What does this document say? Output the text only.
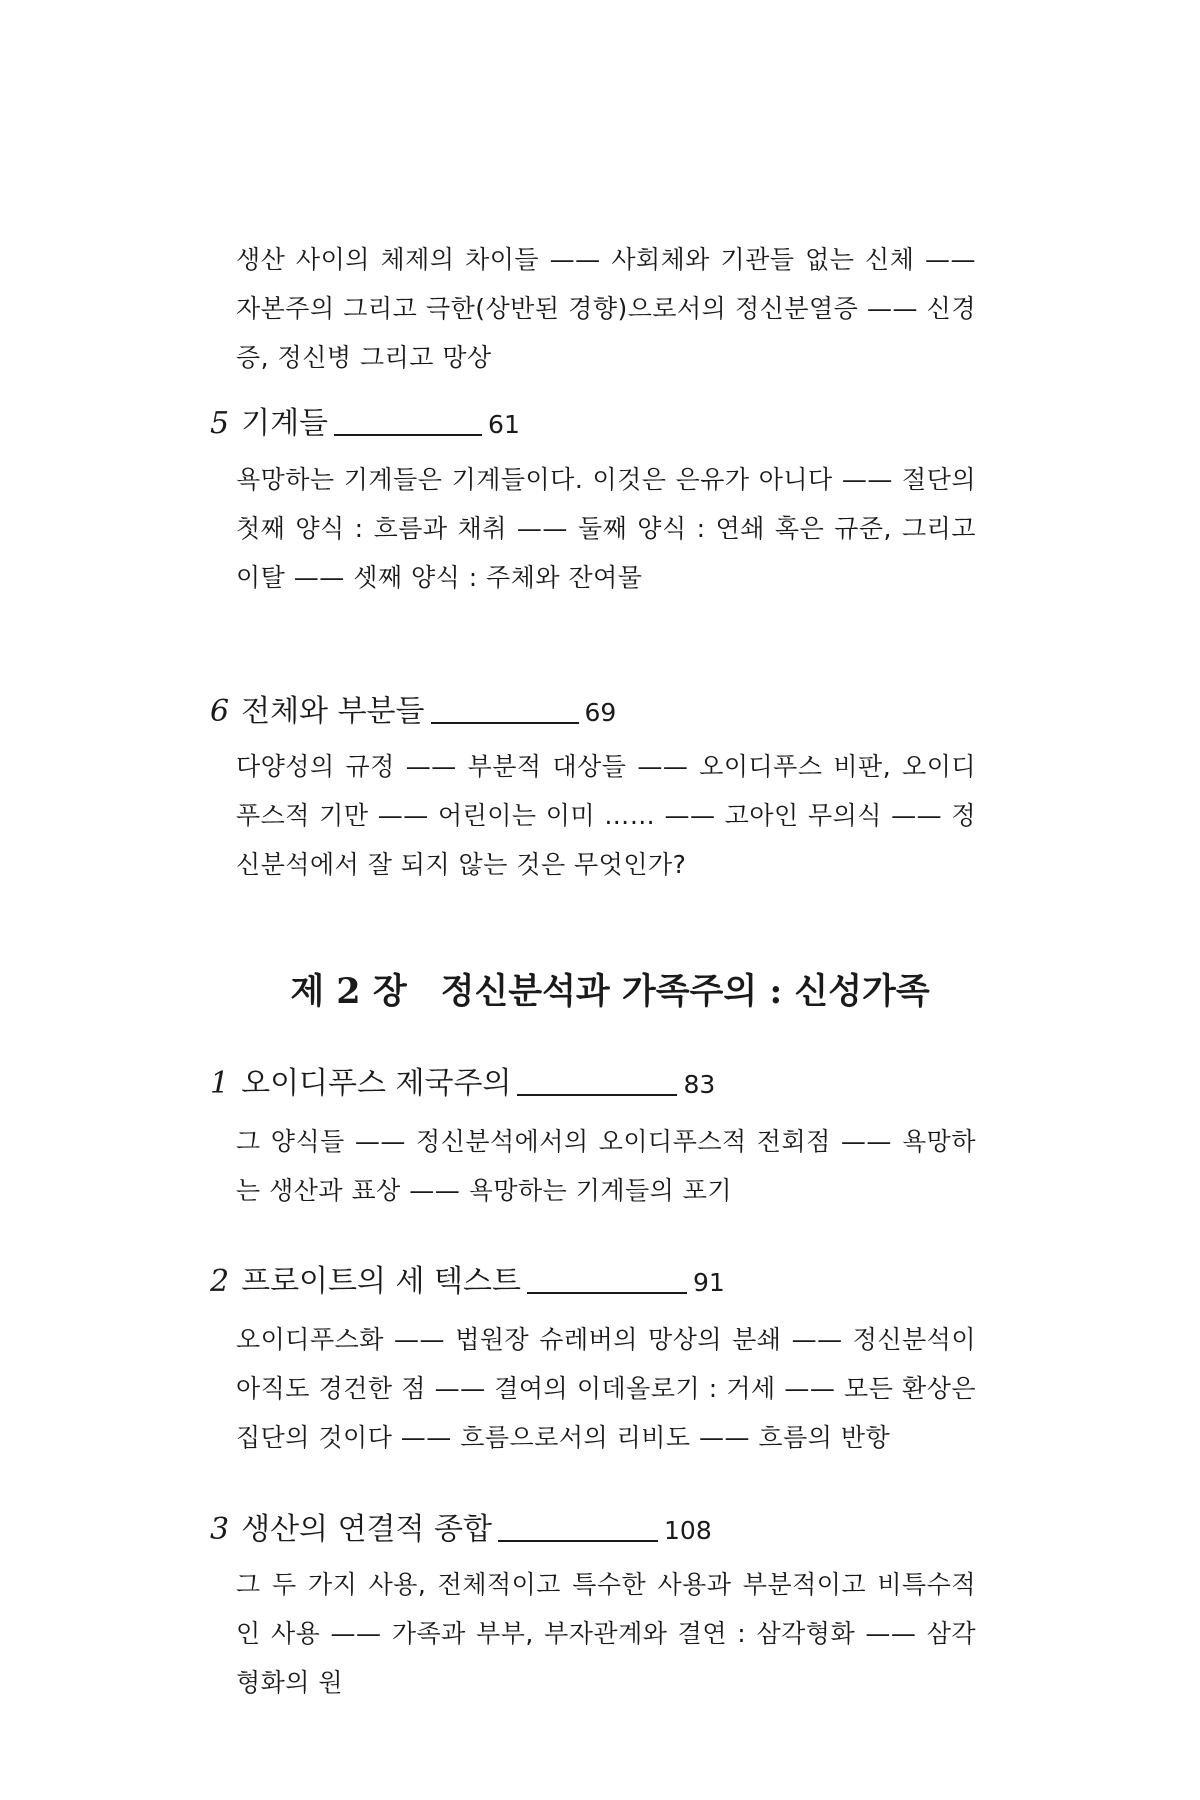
생산 사이의 체제의 차이들 —— 사회체와 기관들 없는 신체 —— 자본주의 그리고 극한(상반된 경향)으로서의 정신분열증 —— 신경증, 정신병 그리고 망상

5 기계들	61

욕망하는 기계들은 기계들이다. 이것은 은유가 아니다 —— 절단의 첫째 양식 : 흐름과 채취 —— 둘째 양식 : 연쇄 혹은 규준, 그리고 이탈 —— 셋째 양식 : 주체와 잔여물

6 전체와 부분들	69

다양성의 규정 —— 부분적 대상들 —— 오이디푸스 비판, 오이디푸스적 기만 —— 어린이는 이미 …… —— 고아인 무의식 —— 정신분석에서 잘 되지 않는 것은 무엇인가?

제 2 장 정신분석과 가족주의 : 신성가족
1 오이디푸스 제국주의	83

그 양식들 —— 정신분석에서의 오이디푸스적 전회점 —— 욕망하는 생산과 표상 —— 욕망하는 기계들의 포기

2 프로이트의 세 텍스트	91

오이디푸스화 —— 법원장 슈레버의 망상의 분쇄 —— 정신분석이 아직도 경건한 점 —— 결여의 이데올로기 : 거세 —— 모든 환상은 집단의 것이다 —— 흐름으로서의 리비도 —— 흐름의 반항

3 생산의 연결적 종합	108

그 두 가지 사용, 전체적이고 특수한 사용과 부분적이고 비특수적인 사용 —— 가족과 부부, 부자관계와 결연 : 삼각형화 —— 삼각형화의 원
